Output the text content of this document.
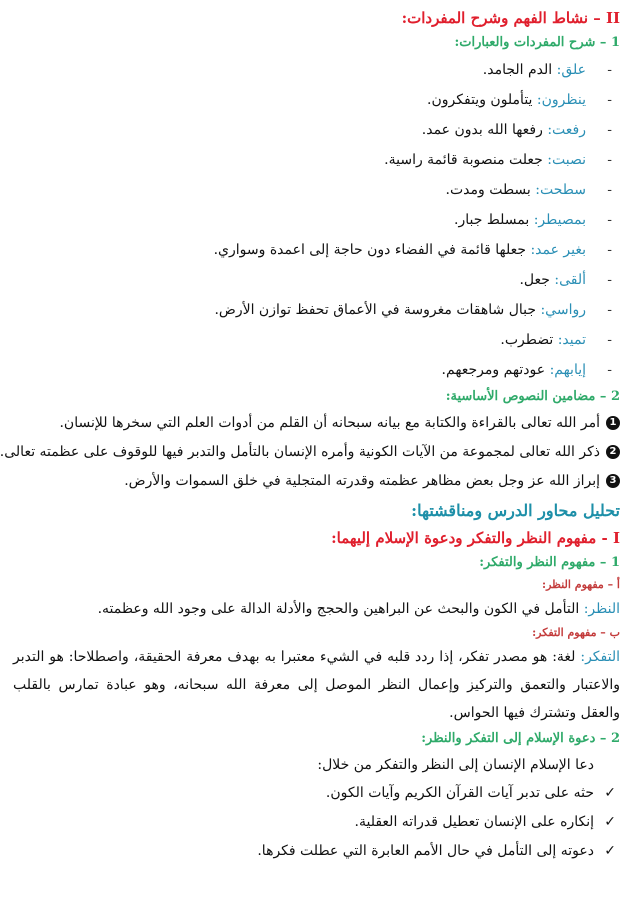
II – نشاط الفهم وشرح المفردات:
1 – شرح المفردات والعبارات:
-
علق: الدم الجامد.
-
ينظرون: يتأملون ويتفكرون.
-
رفعت: رفعها الله بدون عمد.
-
نصبت: جعلت منصوبة قائمة راسية.
-
سطحت: بسطت ومدت.
-
بمصيطر: بمسلط جبار.
-
بغير عمد: جعلها قائمة في الفضاء دون حاجة إلى اعمدة وسواري.
-
ألقى: جعل.
-
رواسي: جبال شاهقات مغروسة في الأعماق تحفظ توازن الأرض.
-
تميد: تضطرب.
-
إيابهم: عودتهم ومرجعهم.
2 – مضامين النصوص الأساسية:
1
أمر الله تعالى بالقراءة والكتابة مع بيانه سبحانه أن القلم من أدوات العلم التي سخرها للإنسان.
2
ذكر الله تعالى لمجموعة من الآيات الكونية وأمره الإنسان بالتأمل والتدبر فيها للوقوف على عظمته تعالى.
3
إبراز الله عز وجل بعض مظاهر عظمته وقدرته المتجلية في خلق السموات والأرض.
تحليل محاور الدرس ومناقشتها:
I - مفهوم النظر والتفكر ودعوة الإسلام إليهما:
1 – مفهوم النظر والتفكر:
أ – مفهوم النظر:
النظر: التأمل في الكون والبحث عن البراهين والحجج والأدلة الدالة على وجود الله وعظمته.
ب – مفهوم التفكر:
التفكر: لغة: هو مصدر تفكر، إذا ردد قلبه في الشيء معتبرا به بهدف معرفة الحقيقة، واصطلاحا: هو التدبر والاعتبار والتعمق والتركيز وإعمال النظر الموصل إلى معرفة الله سبحانه، وهو عبادة تمارس بالقلب والعقل وتشترك فيها الحواس.
2 – دعوة الإسلام إلى التفكر والنظر:
دعا الإسلام الإنسان إلى النظر والتفكر من خلال:
✓
حثه على تدبر آيات القرآن الكريم وآيات الكون.
✓
إنكاره على الإنسان تعطيل قدراته العقلية.
✓
دعوته إلى التأمل في حال الأمم العابرة التي عطلت فكرها.
